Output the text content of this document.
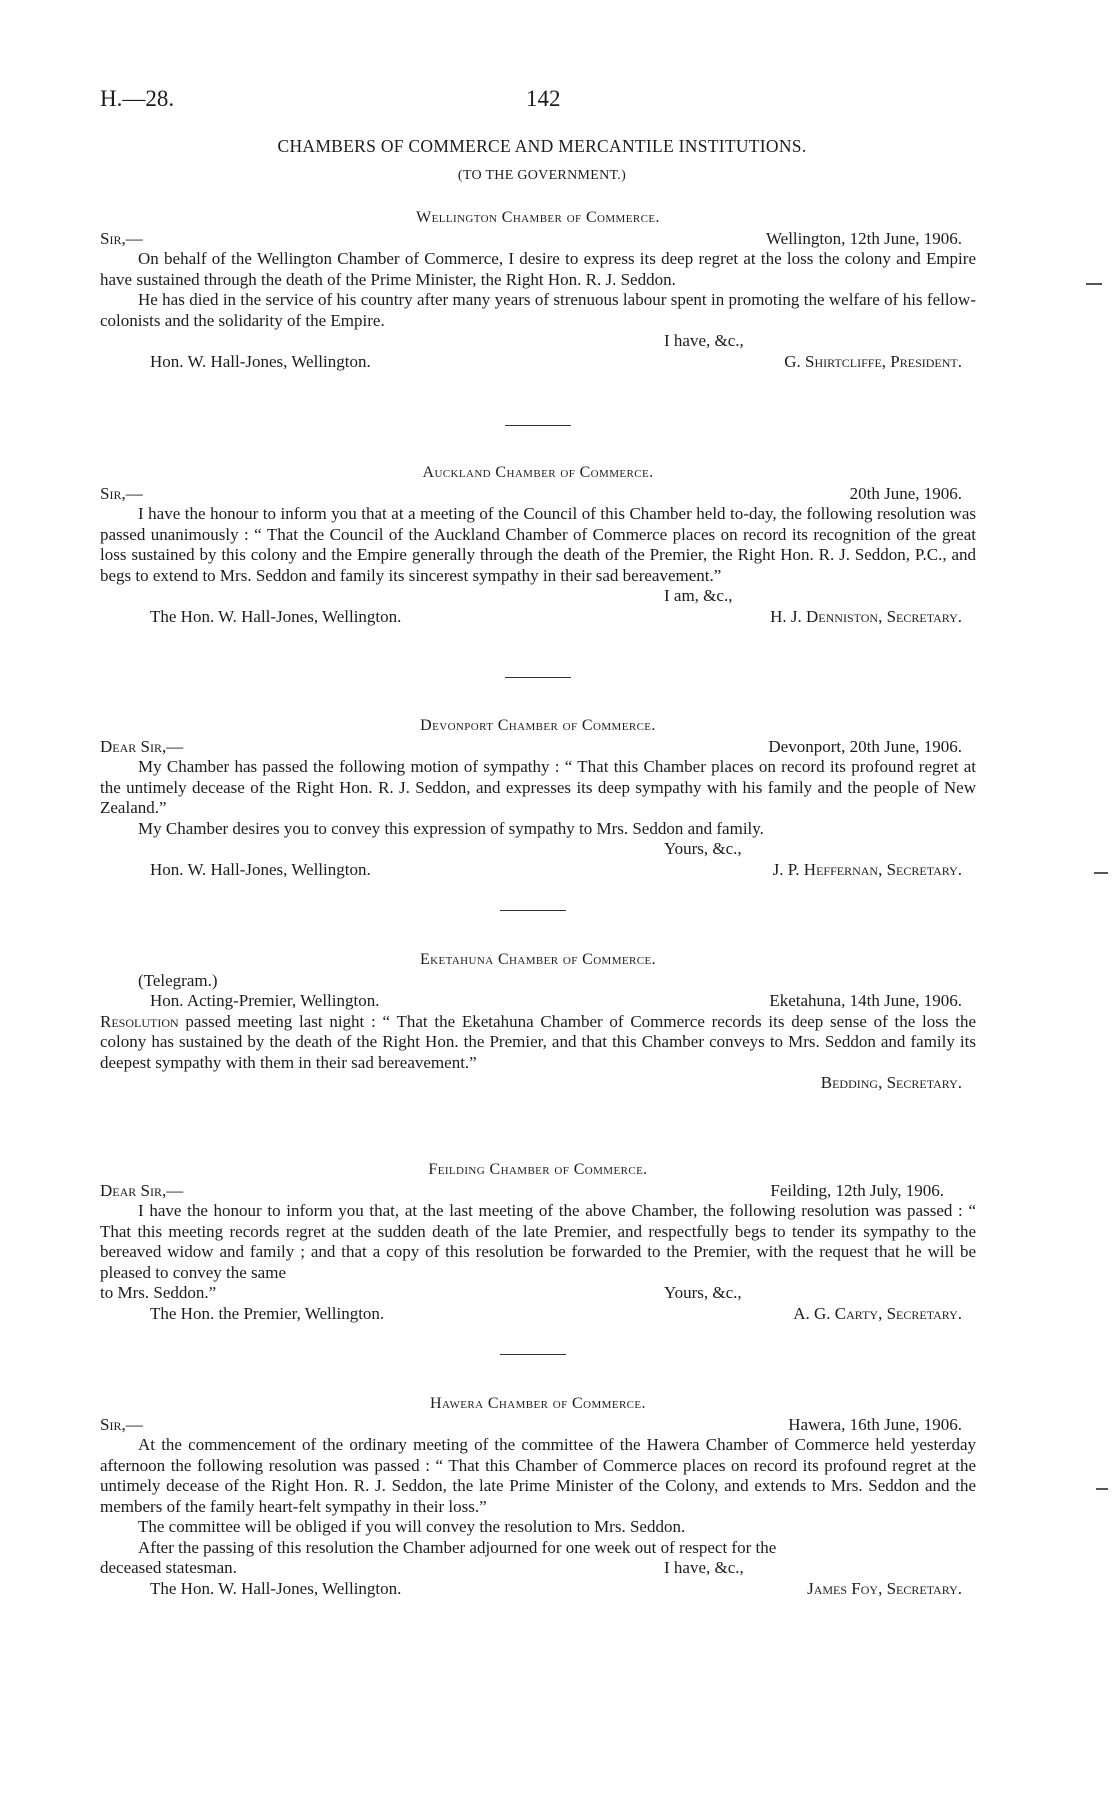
H.—28.	142
CHAMBERS OF COMMERCE AND MERCANTILE INSTITUTIONS.
(TO THE GOVERNMENT.)
Wellington Chamber of Commerce.
Sir,—	Wellington, 12th June, 1906.

On behalf of the Wellington Chamber of Commerce, I desire to express its deep regret at the loss the colony and Empire have sustained through the death of the Prime Minister, the Right Hon. R. J. Seddon.

He has died in the service of his country after many years of strenuous labour spent in promoting the welfare of his fellow-colonists and the solidarity of the Empire.

I have, &c.,
Hon. W. Hall-Jones, Wellington.	G. Shirtcliffe, President.
Auckland Chamber of Commerce.
Sir,—	20th June, 1906.

I have the honour to inform you that at a meeting of the Council of this Chamber held to-day, the following resolution was passed unanimously : “ That the Council of the Auckland Chamber of Commerce places on record its recognition of the great loss sustained by this colony and the Empire generally through the death of the Premier, the Right Hon. R. J. Seddon, P.C., and begs to extend to Mrs. Seddon and family its sincerest sympathy in their sad bereavement.”

I am, &c.,
The Hon. W. Hall-Jones, Wellington.	H. J. Denniston, Secretary.
Devonport Chamber of Commerce.
Dear Sir,—	Devonport, 20th June, 1906.

My Chamber has passed the following motion of sympathy : “ That this Chamber places on record its profound regret at the untimely decease of the Right Hon. R. J. Seddon, and expresses its deep sympathy with his family and the people of New Zealand.”

My Chamber desires you to convey this expression of sympathy to Mrs. Seddon and family.

Yours, &c.,
Hon. W. Hall-Jones, Wellington.	J. P. Heffernan, Secretary.
Eketahuna Chamber of Commerce.
(Telegram.)
Hon. Acting-Premier, Wellington.	Eketahuna, 14th June, 1906.

Resolution passed meeting last night : “ That the Eketahuna Chamber of Commerce records its deep sense of the loss the colony has sustained by the death of the Right Hon. the Premier, and that this Chamber conveys to Mrs. Seddon and family its deepest sympathy with them in their sad bereavement.”

Bedding, Secretary.
Feilding Chamber of Commerce.
Dear Sir,—	Feilding, 12th July, 1906.

I have the honour to inform you that, at the last meeting of the above Chamber, the following resolution was passed : “ That this meeting records regret at the sudden death of the late Premier, and respectfully begs to tender its sympathy to the bereaved widow and family ; and that a copy of this resolution be forwarded to the Premier, with the request that he will be pleased to convey the same

to Mrs. Seddon.”	Yours, &c.,
The Hon. the Premier, Wellington.	A. G. Carty, Secretary.
Hawera Chamber of Commerce.
Sir,—	Hawera, 16th June, 1906.

At the commencement of the ordinary meeting of the committee of the Hawera Chamber of Commerce held yesterday afternoon the following resolution was passed : “ That this Chamber of Commerce places on record its profound regret at the untimely decease of the Right Hon. R. J. Seddon, the late Prime Minister of the Colony, and extends to Mrs. Seddon and the members of the family heart-felt sympathy in their loss.”

The committee will be obliged if you will convey the resolution to Mrs. Seddon.

After the passing of this resolution the Chamber adjourned for one week out of respect for the

deceased statesman.	I have, &c.,
The Hon. W. Hall-Jones, Wellington.	James Foy, Secretary.
